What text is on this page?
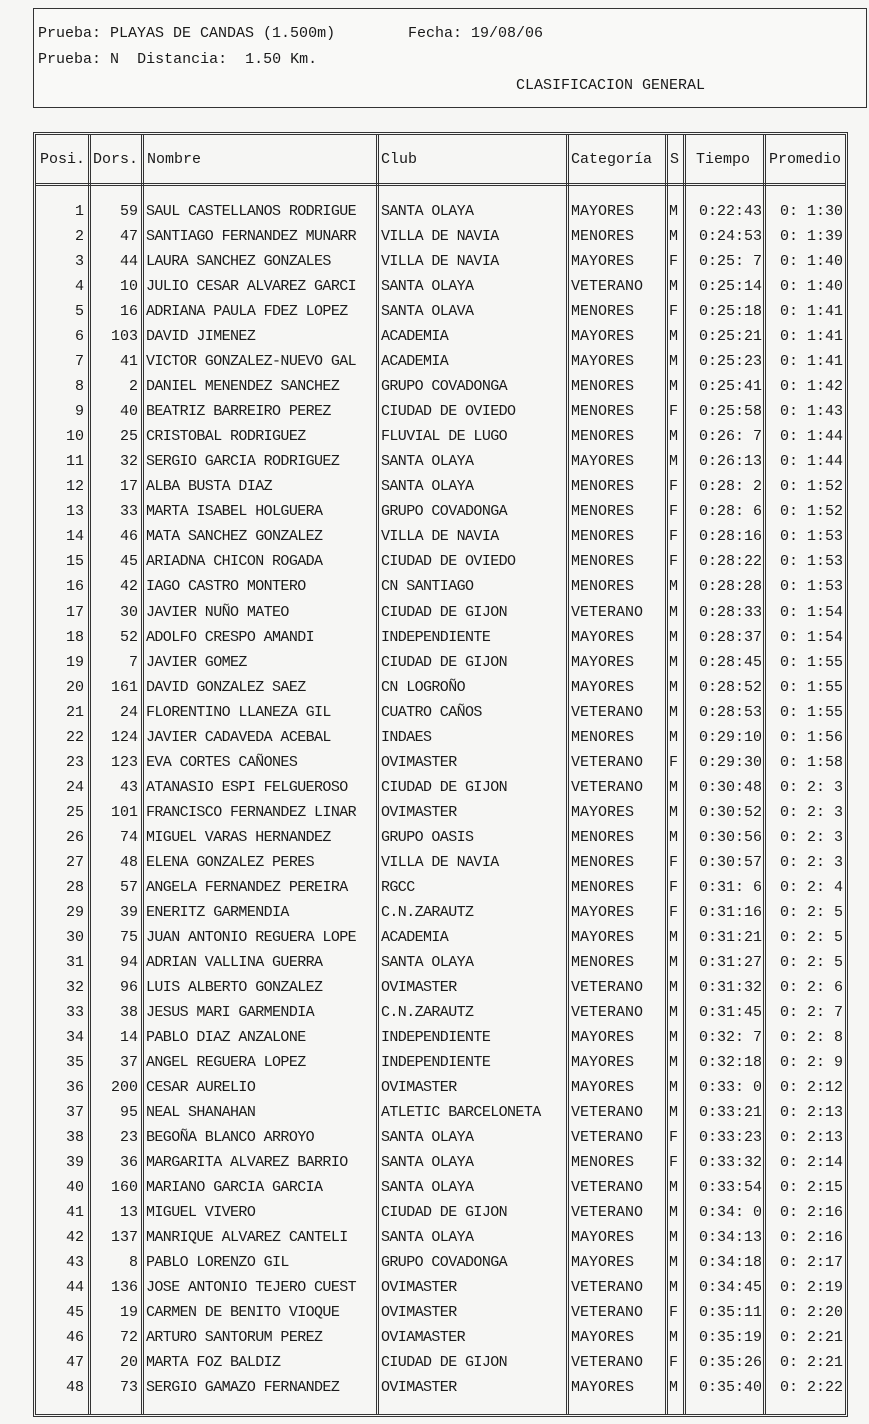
Prueba: PLAYAS DE CANDAS (1.500m)	Fecha: 19/08/06
Prueba: N Distancia: 1.50 Km.
CLASIFICACION GENERAL
Posi. Dors. Nombre	Club	Categoría S Tiempo Promedio
1	59 SAUL CASTELLANOS RODRIGUE	SANTA OLAYA	MAYORES	M	0:22:43	0: 1:30
2	47 SANTIAGO FERNANDEZ MUNARR	VILLA DE NAVIA	MENORES	M	0:24:53	0: 1:39
3	44 LAURA SANCHEZ GONZALES	VILLA DE NAVIA	MAYORES	F	0:25: 7	0: 1:40
4	10 JULIO CESAR ALVAREZ GARCI	SANTA OLAYA	VETERANO	M	0:25:14	0: 1:40
5	16 ADRIANA PAULA FDEZ LOPEZ	SANTA OLAVA	MENORES	F	0:25:18	0: 1:41
6	103 DAVID JIMENEZ	ACADEMIA	MAYORES	M	0:25:21	0: 1:41
7	41 VICTOR GONZALEZ-NUEVO GAL	ACADEMIA	MAYORES	M	0:25:23	0: 1:41
8	2 DANIEL MENENDEZ SANCHEZ	GRUPO COVADONGA	MENORES	M	0:25:41	0: 1:42
9	40 BEATRIZ BARREIRO PEREZ	CIUDAD DE OVIEDO	MENORES	F	0:25:58	0: 1:43
10	25 CRISTOBAL RODRIGUEZ	FLUVIAL DE LUGO	MENORES	M	0:26: 7	0: 1:44
11	32 SERGIO GARCIA RODRIGUEZ	SANTA OLAYA	MAYORES	M	0:26:13	0: 1:44
12	17 ALBA BUSTA DIAZ	SANTA OLAYA	MENORES	F	0:28: 2	0: 1:52
13	33 MARTA ISABEL HOLGUERA	GRUPO COVADONGA	MENORES	F	0:28: 6	0: 1:52
14	46 MATA SANCHEZ GONZALEZ	VILLA DE NAVIA	MENORES	F	0:28:16	0: 1:53
15	45 ARIADNA CHICON ROGADA	CIUDAD DE OVIEDO	MENORES	F	0:28:22	0: 1:53
16	42 IAGO CASTRO MONTERO	CN SANTIAGO	MENORES	M	0:28:28	0: 1:53
17	30 JAVIER NUÑO MATEO	CIUDAD DE GIJON	VETERANO	M	0:28:33	0: 1:54
18	52 ADOLFO CRESPO AMANDI	INDEPENDIENTE	MAYORES	M	0:28:37	0: 1:54
19	7 JAVIER GOMEZ	CIUDAD DE GIJON	MAYORES	M	0:28:45	0: 1:55
20	161 DAVID GONZALEZ SAEZ	CN LOGROÑO	MAYORES	M	0:28:52	0: 1:55
21	24 FLORENTINO LLANEZA GIL	CUATRO CAÑOS	VETERANO	M	0:28:53	0: 1:55
22	124 JAVIER CADAVEDA ACEBAL	INDAES	MENORES	M	0:29:10	0: 1:56
23	123 EVA CORTES CAÑONES	OVIMASTER	VETERANO	F	0:29:30	0: 1:58
24	43 ATANASIO ESPI FELGUEROSO	CIUDAD DE GIJON	VETERANO	M	0:30:48	0: 2: 3
25	101 FRANCISCO FERNANDEZ LINAR	OVIMASTER	MAYORES	M	0:30:52	0: 2: 3
26	74 MIGUEL VARAS HERNANDEZ	GRUPO OASIS	MENORES	M	0:30:56	0: 2: 3
27	48 ELENA GONZALEZ PERES	VILLA DE NAVIA	MENORES	F	0:30:57	0: 2: 3
28	57 ANGELA FERNANDEZ PEREIRA	RGCC	MENORES	F	0:31: 6	0: 2: 4
29	39 ENERITZ GARMENDIA	C.N.ZARAUTZ	MAYORES	F	0:31:16	0: 2: 5
30	75 JUAN ANTONIO REGUERA LOPE	ACADEMIA	MAYORES	M	0:31:21	0: 2: 5
31	94 ADRIAN VALLINA GUERRA	SANTA OLAYA	MENORES	M	0:31:27	0: 2: 5
32	96 LUIS ALBERTO GONZALEZ	OVIMASTER	VETERANO	M	0:31:32	0: 2: 6
33	38 JESUS MARI GARMENDIA	C.N.ZARAUTZ	VETERANO	M	0:31:45	0: 2: 7
34	14 PABLO DIAZ ANZALONE	INDEPENDIENTE	MAYORES	M	0:32: 7	0: 2: 8
35	37 ANGEL REGUERA LOPEZ	INDEPENDIENTE	MAYORES	M	0:32:18	0: 2: 9
36	200 CESAR AURELIO	OVIMASTER	MAYORES	M	0:33: 0	0: 2:12
37	95 NEAL SHANAHAN	ATLETIC BARCELONETA	VETERANO	M	0:33:21	0: 2:13
38	23 BEGOÑA BLANCO ARROYO	SANTA OLAYA	VETERANO	F	0:33:23	0: 2:13
39	36 MARGARITA ALVAREZ BARRIO	SANTA OLAYA	MENORES	F	0:33:32	0: 2:14
40	160 MARIANO GARCIA GARCIA	SANTA OLAYA	VETERANO	M	0:33:54	0: 2:15
41	13 MIGUEL VIVERO	CIUDAD DE GIJON	VETERANO	M	0:34: 0	0: 2:16
42	137 MANRIQUE ALVAREZ CANTELI	SANTA OLAYA	MAYORES	M	0:34:13	0: 2:16
43	8 PABLO LORENZO GIL	GRUPO COVADONGA	MAYORES	M	0:34:18	0: 2:17
44	136 JOSE ANTONIO TEJERO CUEST	OVIMASTER	VETERANO	M	0:34:45	0: 2:19
45	19 CARMEN DE BENITO VIOQUE	OVIMASTER	VETERANO	F	0:35:11	0: 2:20
46	72 ARTURO SANTORUM PEREZ	OVIAMASTER	MAYORES	M	0:35:19	0: 2:21
47	20 MARTA FOZ BALDIZ	CIUDAD DE GIJON	VETERANO	F	0:35:26	0: 2:21
48	73 SERGIO GAMAZO FERNANDEZ	OVIMASTER	MAYORES	M	0:35:40	0: 2:22
